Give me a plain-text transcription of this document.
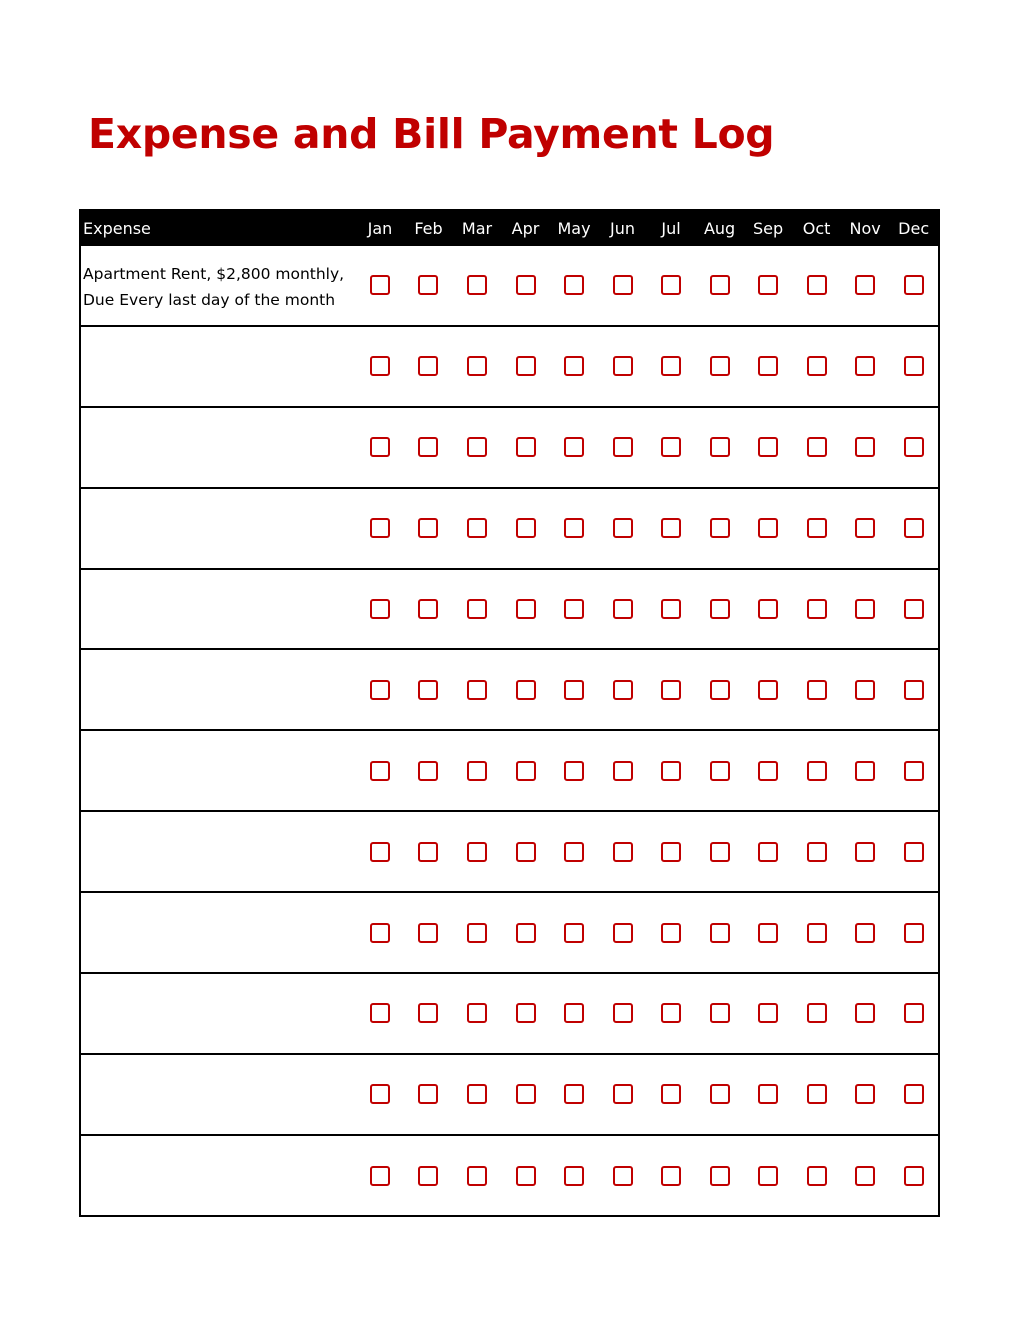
Expense and Bill Payment Log
Expense	Jan	Feb	Mar	Apr	May	Jun	Jul	Aug	Sep	Oct	Nov	Dec
Apartment Rent, $2,800 monthly,
Due Every last day of the month
